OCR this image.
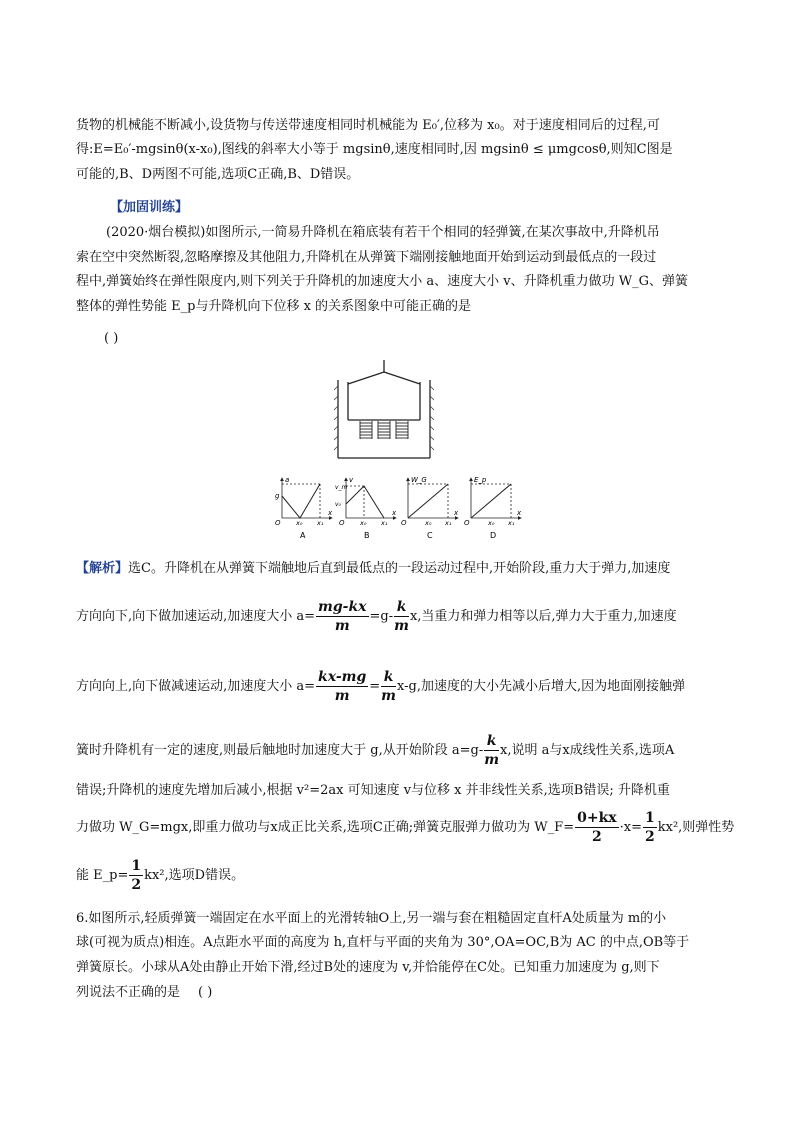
货物的机械能不断减小,设货物与传送带速度相同时机械能为 E₀′,位移为 x₀。对于速度相同后的过程,可
得:E=E₀′-mgsinθ(x-x₀),图线的斜率大小等于 mgsinθ,速度相同时,因 mgsinθ ≤ μmgcosθ,则知C图是
可能的,B、D两图不可能,选项C正确,B、D错误。
【加固训练】
(2020·烟台模拟)如图所示,一简易升降机在箱底装有若干个相同的轻弹簧,在某次事故中,升降机吊
索在空中突然断裂,忽略摩擦及其他阻力,升降机在从弹簧下端刚接触地面开始到运动到最低点的一段过
程中,弹簧始终在弹性限度内,则下列关于升降机的加速度大小 a、速度大小 v、升降机重力做功 W_G、弹簧
整体的弹性势能 E_p与升降机向下位移 x 的关系图象中可能正确的是
( )
a
g
O x₀ x₁
x
A
v
v_m
v₀
O x₀ x₁
x
B
W_G
O	x₀ x₁
x
C
E_p
O	x₀ x₁
x
D
【解析】选C。升降机在从弹簧下端触地后直到最低点的一段运动过程中,开始阶段,重力大于弹力,加速度
方向向下,向下做加速运动,加速度大小 $a= \frac{mg-kx}{m} =g- \frac{k}{m} x$,当重力和弹力相等以后,弹力大于重力,加速度
方向向上,向下做减速运动,加速度大小 $a= \frac{kx-mg}{m} = \frac{k}{m} x-g$,加速度的大小先减小后增大,因为地面刚接触弹
簧时升降机有一定的速度,则最后触地时加速度大于 g,从开始阶段 $a=g- \frac{k}{m} x$,说明 a与x成线性关系,选项A
错误;升降机的速度先增加后减小,根据 v²=2ax 可知速度 v与位移 x 并非线性关系,选项B错误; 升降机重
力做功 W_G=mgx,即重力做功与x成正比关系,选项C正确;弹簧克服弹力做功为 W_F= $\frac{0+kx}{2} \cdot x= \frac{1}{2} kx^2$,则弹性势
能 E_p= $\frac{1}{2} kx^2$,选项D错误。
6.如图所示,轻质弹簧一端固定在水平面上的光滑转轴O上,另一端与套在粗糙固定直杆A处质量为 m的小
球(可视为质点)相连。A点距水平面的高度为 h,直杆与平面的夹角为 30°,OA=OC,B为 AC 的中点,OB等于
弹簧原长。小球从A处由静止开始下滑,经过B处的速度为 v,并恰能停在C处。已知重力加速度为 g,则下
列说法不正确的是 ( )
